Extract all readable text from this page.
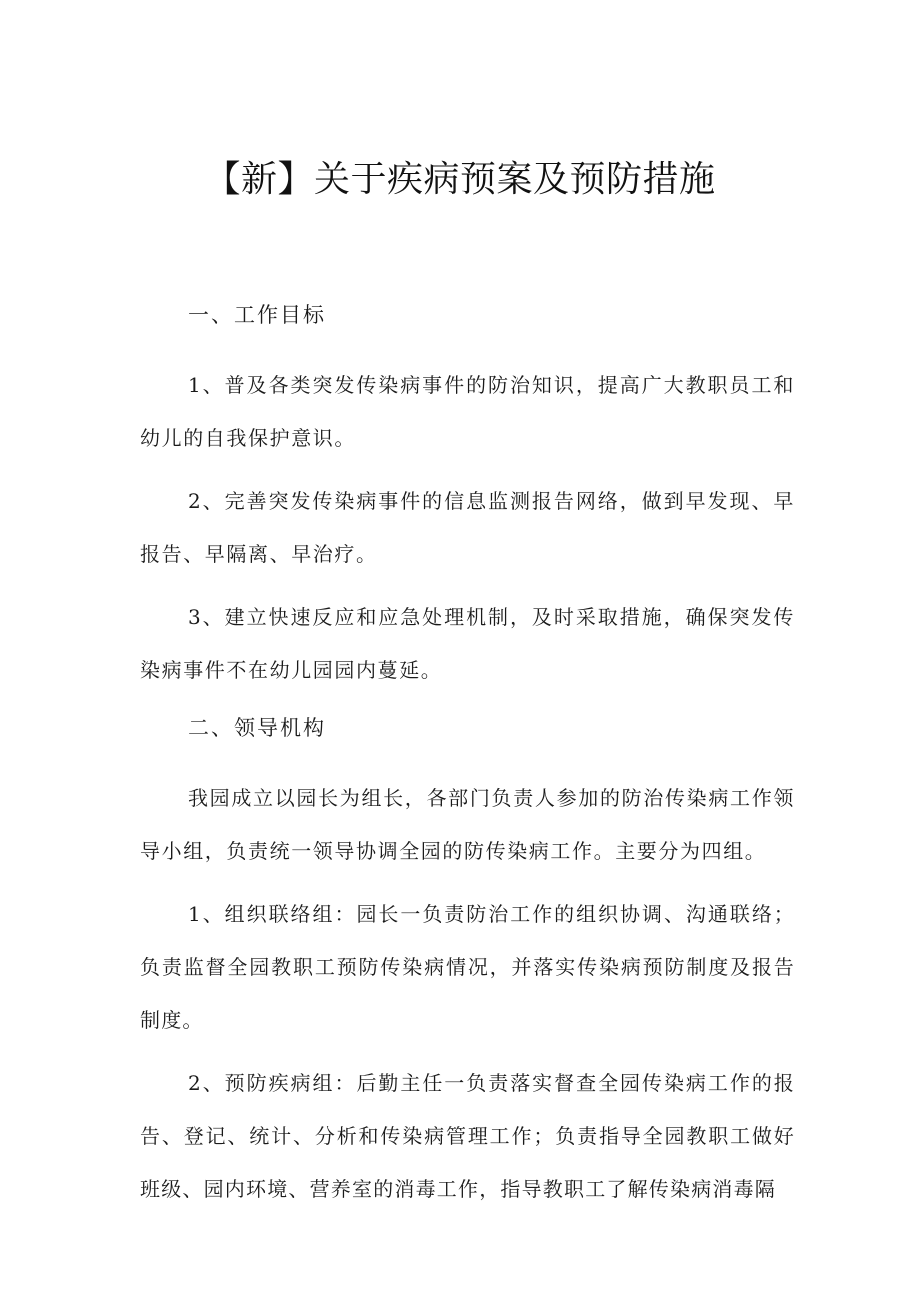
【新】关于疾病预案及预防措施
一、工作目标

1、普及各类突发传染病事件的防治知识，提高广大教职员工和幼儿的自我保护意识。

2、完善突发传染病事件的信息监测报告网络，做到早发现、早报告、早隔离、早治疗。

3、建立快速反应和应急处理机制，及时采取措施，确保突发传染病事件不在幼儿园园内蔓延。

二、领导机构

我园成立以园长为组长，各部门负责人参加的防治传染病工作领导小组，负责统一领导协调全园的防传染病工作。主要分为四组。

1、组织联络组：园长一负责防治工作的组织协调、沟通联络；负责监督全园教职工预防传染病情况，并落实传染病预防制度及报告制度。

2、预防疾病组：后勤主任一负责落实督查全园传染病工作的报告、登记、统计、分析和传染病管理工作；负责指导全园教职工做好班级、园内环境、营养室的消毒工作，指导教职工了解传染病消毒隔
